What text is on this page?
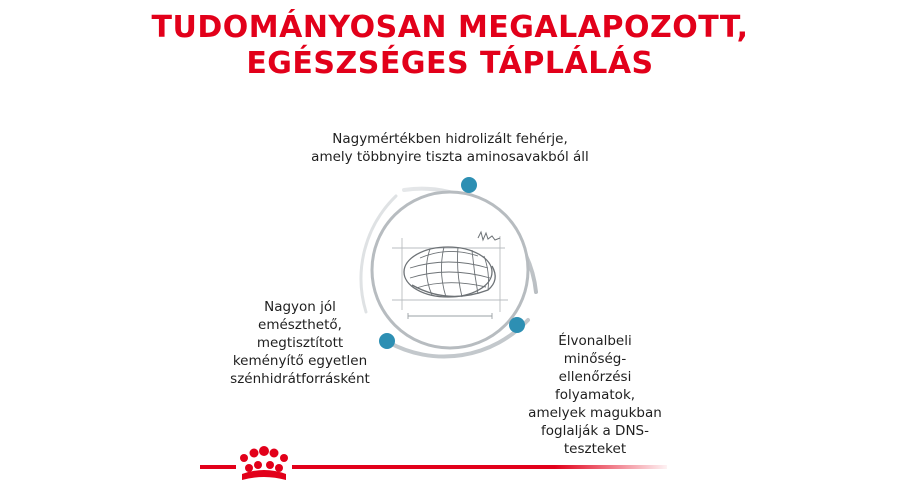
TUDOMÁNYOSAN MEGALAPOZOTT,
EGÉSZSÉGES TÁPLÁLÁS
Nagymértékben hidrolizált fehérje,
amely többnyire tiszta aminosavakból áll
Nagyon jól
emészthető,
megtisztított
keményítő egyetlen
szénhidrátforrásként
Élvonalbeli
minőség-
ellenőrzési
folyamatok,
amelyek magukban
foglalják a DNS-
teszteket
